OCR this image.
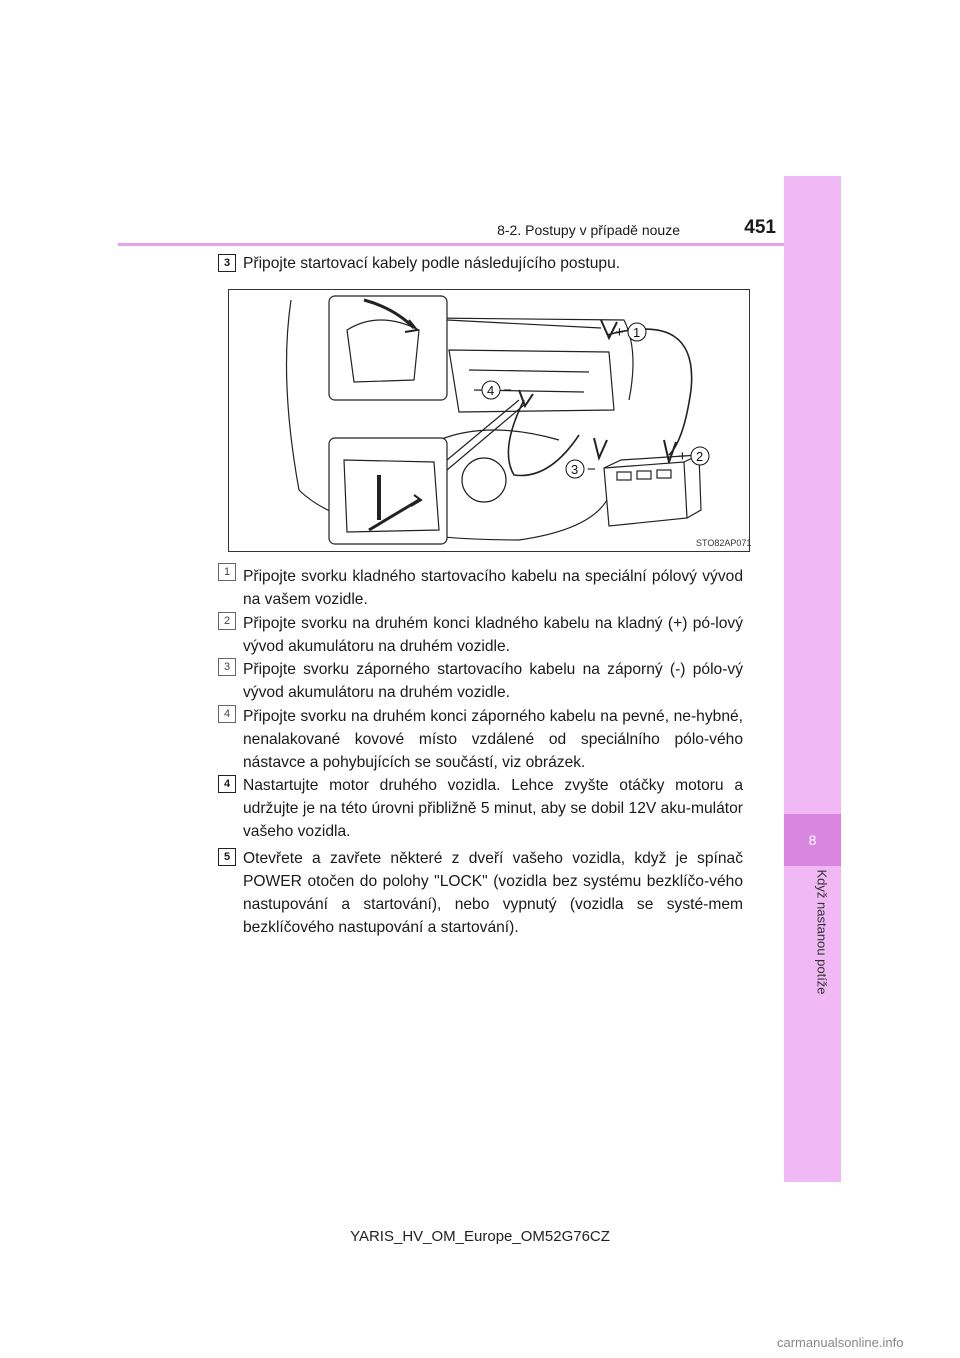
8
Když nastanou potíže
8-2. Postupy v případě nouze	451
3 Připojte startovací kabely podle následujícího postupu.
1
+
2
+
3 −
4 −
STO82AP071
1 Připojte svorku kladného startovacího kabelu na speciální pólový vývod na vašem vozidle.
2 Připojte svorku na druhém konci kladného kabelu na kladný (+) pó-lový vývod akumulátoru na druhém vozidle.
3 Připojte svorku záporného startovacího kabelu na záporný (-) pólo-vý vývod akumulátoru na druhém vozidle.
4 Připojte svorku na druhém konci záporného kabelu na pevné, ne-hybné, nenalakované kovové místo vzdálené od speciálního pólo-vého nástavce a pohybujících se součástí, viz obrázek.
4 Nastartujte motor druhého vozidla. Lehce zvyšte otáčky motoru a udržujte je na této úrovni přibližně 5 minut, aby se dobil 12V aku-mulátor vašeho vozidla.
5 Otevřete a zavřete některé z dveří vašeho vozidla, když je spínač POWER otočen do polohy "LOCK" (vozidla bez systému bezklíčo-vého nastupování a startování), nebo vypnutý (vozidla se systé-mem bezklíčového nastupování a startování).
YARIS_HV_OM_Europe_OM52G76CZ
carmanualsonline.info
